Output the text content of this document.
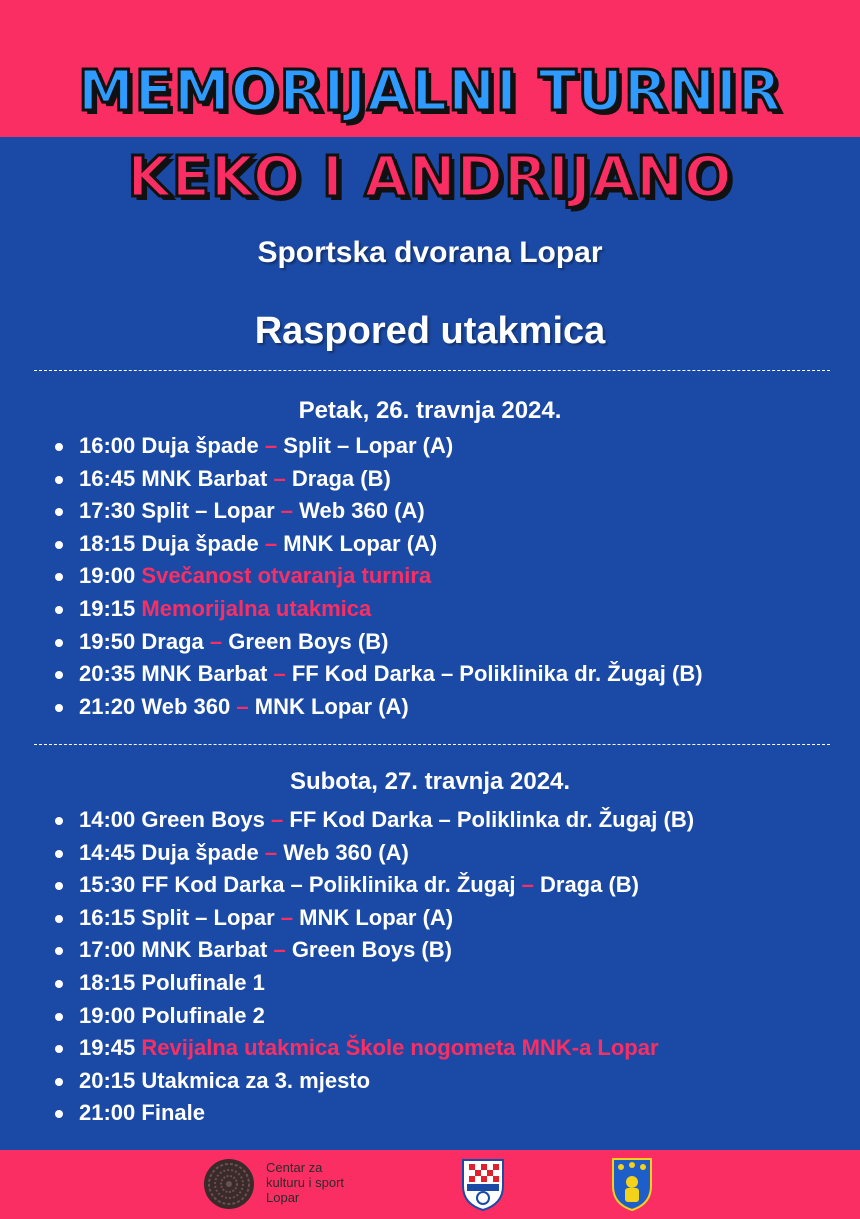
MEMORIJALNI TURNIR
KEKO I ANDRIJANO
Sportska dvorana Lopar
Raspored utakmica
Petak, 26. travnja 2024.
16:00 Duja špade – Split – Lopar (A)
16:45 MNK Barbat – Draga (B)
17:30 Split – Lopar – Web 360 (A)
18:15 Duja špade – MNK Lopar (A)
19:00 Svečanost otvaranja turnira
19:15 Memorijalna utakmica
19:50 Draga – Green Boys (B)
20:35 MNK Barbat – FF Kod Darka – Poliklinika dr. Žugaj (B)
21:20 Web 360 – MNK Lopar (A)
Subota, 27. travnja 2024.
14:00 Green Boys – FF Kod Darka – Poliklinka dr. Žugaj (B)
14:45 Duja špade – Web 360 (A)
15:30 FF Kod Darka – Poliklinika dr. Žugaj – Draga (B)
16:15 Split – Lopar – MNK Lopar (A)
17:00 MNK Barbat – Green Boys (B)
18:15 Polufinale 1
19:00 Polufinale 2
19:45 Revijalna utakmica Škole nogometa MNK-a Lopar
20:15 Utakmica za 3. mjesto
21:00 Finale
Centar za
kulturu i sport
Lopar
